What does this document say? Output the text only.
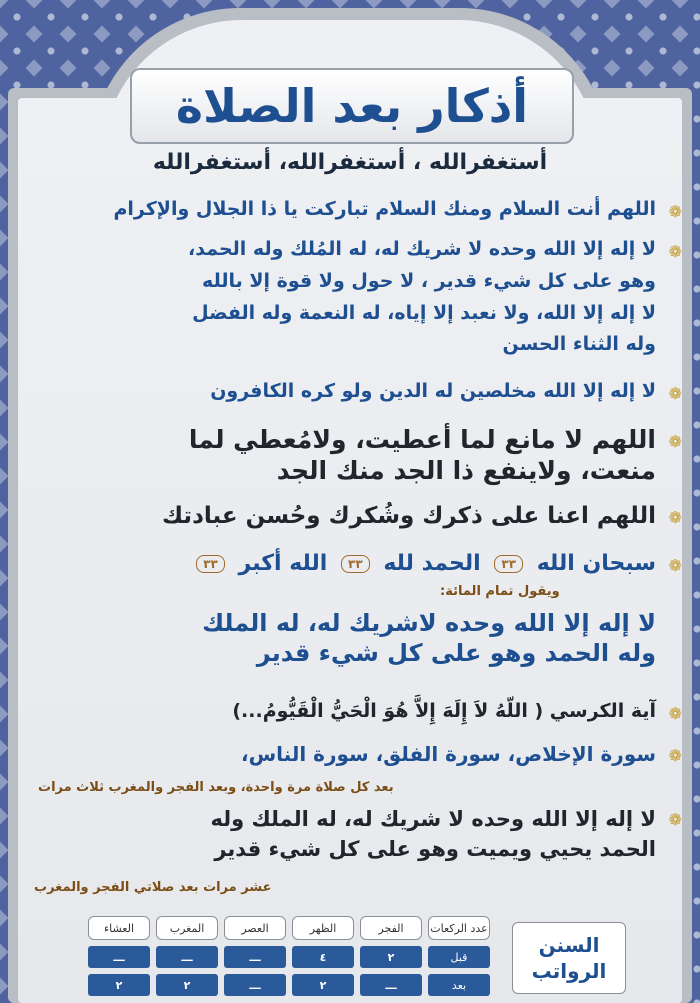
أذكار بعد الصلاة
أستغفرالله ، أستغفرالله، أستغفرالله
❁
اللهم أنت السلام ومنك السلام تباركت يا ذا الجلال والإكرام
❁
لا إله إلا الله وحده لا شريك له، له المُلك وله الحمد،
وهو على كل شيء قدير ، لا حول ولا قوة إلا بالله
لا إله إلا الله، ولا نعبد إلا إياه، له النعمة وله الفضل
وله الثناء الحسن
❁
لا إله إلا الله مخلصين له الدين ولو كره الكافرون
❁
اللهم لا مانع لما أعطيت، ولامُعطي لما
منعت، ولاينفع ذا الجد منك الجد
❁
اللهم اعنا على ذكرك وشُكرك وحُسن عبادتك
❁
سبحان الله ٣٣ الحمد لله ٣٣ الله أكبر ٣٣
ويقول تمام المائة:
لا إله إلا الله وحده لاشريك له، له الملك
وله الحمد وهو على كل شيء قدير
❁
آية الكرسي ( اللّهُ لاَ إِلَهَ إِلاَّ هُوَ الْحَيُّ الْقَيُّومُ...)
❁
سورة الإخلاص، سورة الفلق، سورة الناس،
بعد كل صلاة مرة واحدة، وبعد الفجر والمغرب ثلاث مرات
❁
لا إله إلا الله وحده لا شريك له، له الملك وله
الحمد يحيي ويميت وهو على كل شيء قدير
عشر مرات بعد صلاتي الفجر والمغرب
السنن
الرواتب
عدد الركعات	الفجر	الظهر	العصر	المغرب	العشاء
قبل	٢	٤	ـــ	ـــ	ـــ
بعد	ـــ	٢	ـــ	٢	٢
